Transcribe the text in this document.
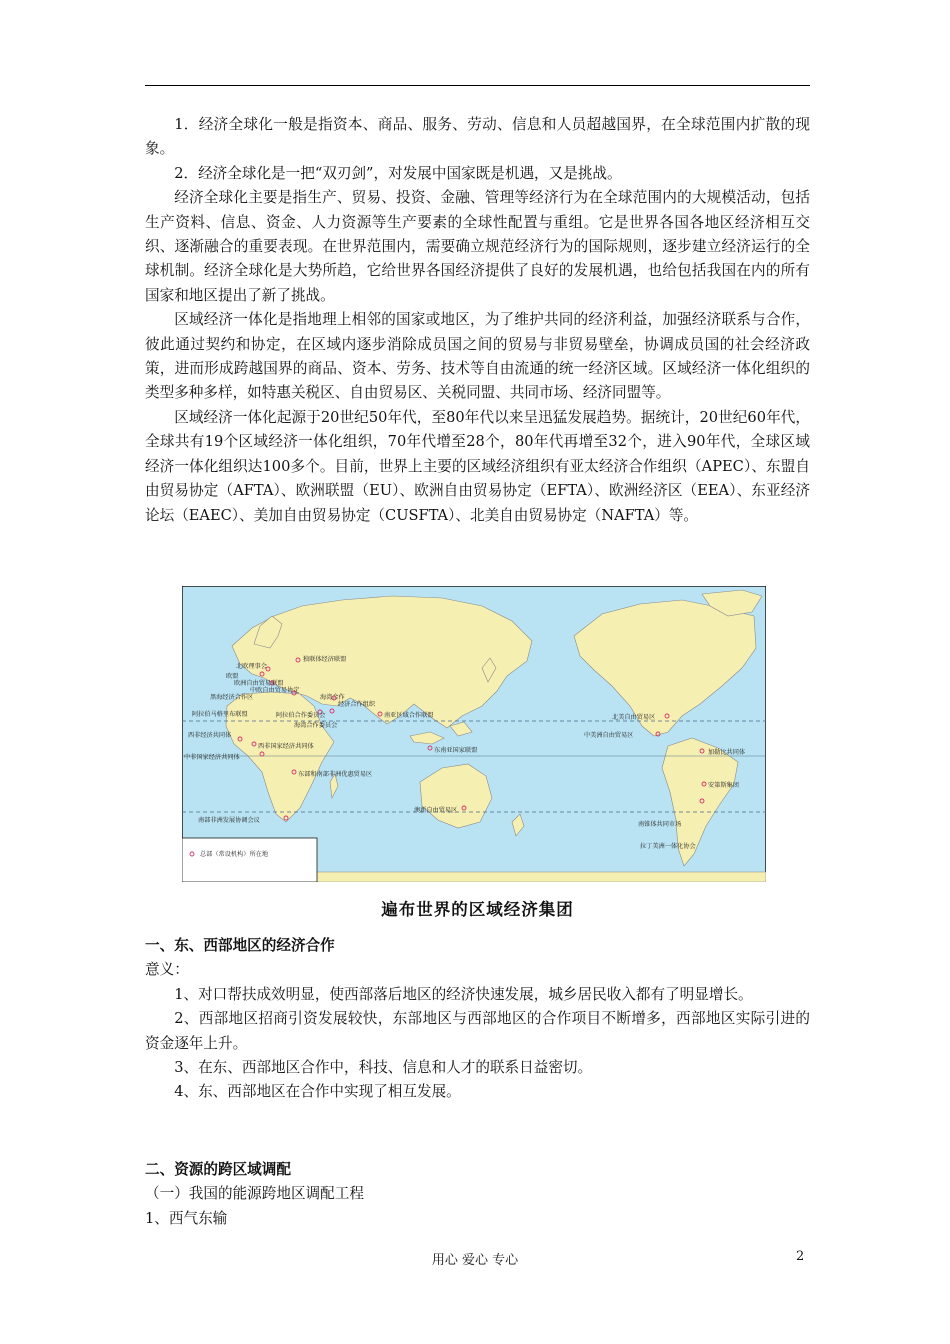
1．经济全球化一般是指资本、商品、服务、劳动、信息和人员超越国界，在全球范围内扩散的现象。

2．经济全球化是一把“双刃剑”，对发展中国家既是机遇，又是挑战。

经济全球化主要是指生产、贸易、投资、金融、管理等经济行为在全球范围内的大规模活动，包括生产资料、信息、资金、人力资源等生产要素的全球性配置与重组。它是世界各国各地区经济相互交织、逐渐融合的重要表现。在世界范围内，需要确立规范经济行为的国际规则，逐步建立经济运行的全球机制。经济全球化是大势所趋，它给世界各国经济提供了良好的发展机遇，也给包括我国在内的所有国家和地区提出了新了挑战。

区域经济一体化是指地理上相邻的国家或地区，为了维护共同的经济利益，加强经济联系与合作，彼此通过契约和协定，在区域内逐步消除成员国之间的贸易与非贸易壁垒，协调成员国的社会经济政策，进而形成跨越国界的商品、资本、劳务、技术等自由流通的统一经济区域。区域经济一体化组织的类型多种多样，如特惠关税区、自由贸易区、关税同盟、共同市场、经济同盟等。

区域经济一体化起源于20世纪50年代，至80年代以来呈迅猛发展趋势。据统计，20世纪60年代，全球共有19个区域经济一体化组织，70年代增至28个，80年代再增至32个，进入90年代，全球区域经济一体化组织达100多个。目前，世界上主要的区域经济组织有亚太经济合作组织（APEC）、东盟自由贸易协定（AFTA）、欧洲联盟（EU）、欧洲自由贸易协定（EFTA）、欧洲经济区（EEA）、东亚经济论坛（EAEC）、美加自由贸易协定（CUSFTA）、北美自由贸易协定（NAFTA）等。

独联体经济联盟
北欧理事会
欧盟
欧洲自由贸易联盟
中欧自由贸易协定
黑海经济合作区	海湾合作
经济合作组织
阿拉伯马格里布联盟	阿拉伯合作委员会	南亚区域合作联盟
海湾合作委员会
西非经济共同体
西非国家经济共同体
中非国家经济共同体
东部和南部非洲优惠贸易区
南部非洲发展协调会议
东南亚国家联盟
澳新自由贸易区
北美自由贸易区
中美洲自由贸易区
加勒比共同体
安第斯集团
南锥体共同市场
拉丁美洲一体化协会
总部（常设机构）所在地
遍布世界的区域经济集团

一、东、西部地区的经济合作

意义：

1、对口帮扶成效明显，使西部落后地区的经济快速发展，城乡居民收入都有了明显增长。

2、西部地区招商引资发展较快，东部地区与西部地区的合作项目不断增多，西部地区实际引进的资金逐年上升。

3、在东、西部地区合作中，科技、信息和人才的联系日益密切。

4、东、西部地区在合作中实现了相互发展。

二、资源的跨区域调配

（一）我国的能源跨地区调配工程

1、西气东输

用心 爱心 专心	2
